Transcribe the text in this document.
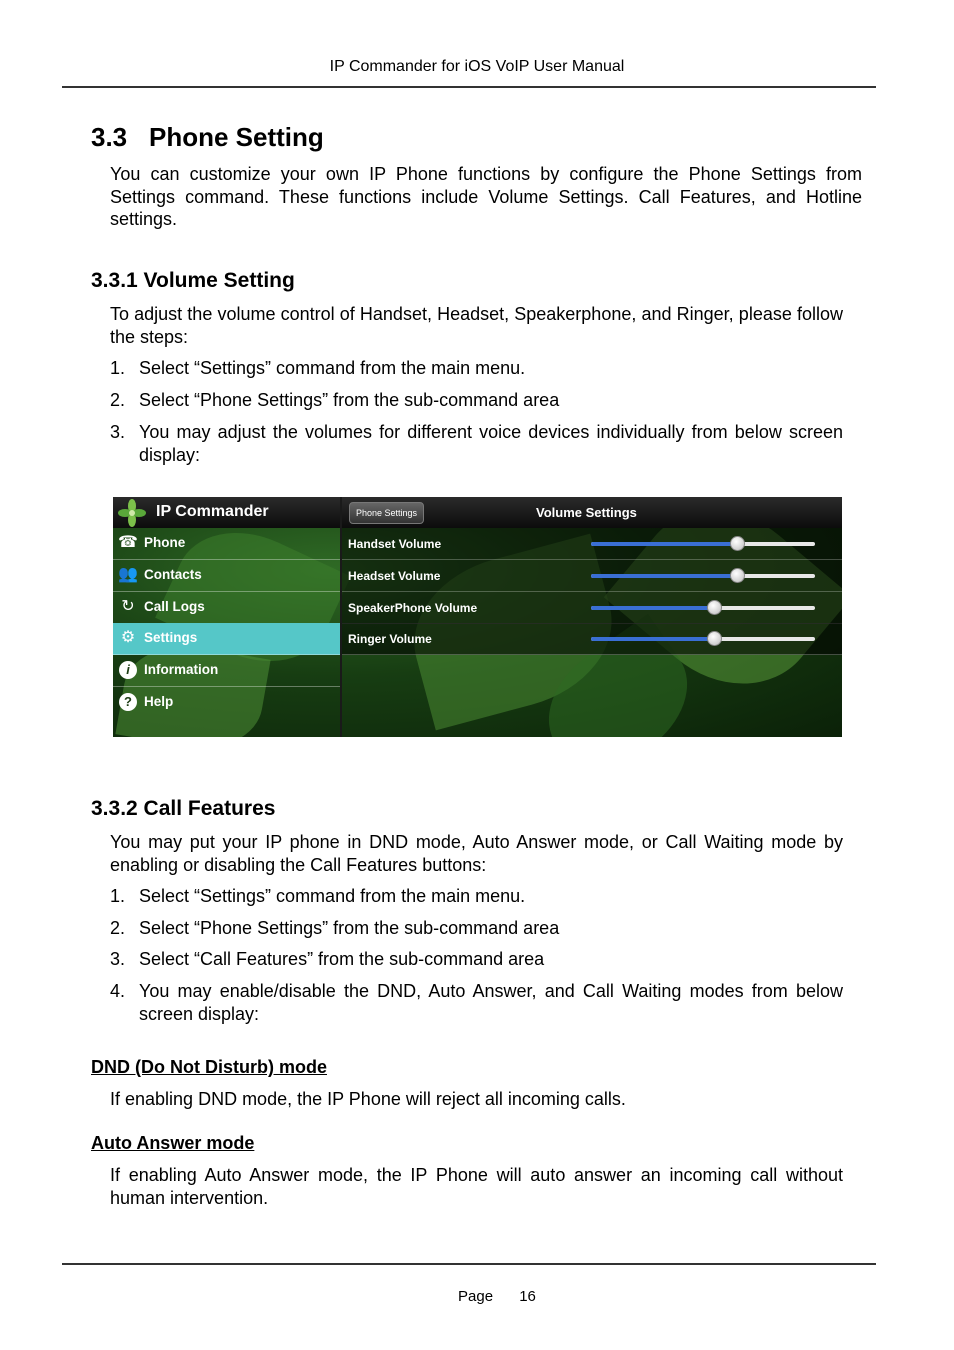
IP Commander for iOS VoIP User Manual
3.3 Phone Setting
You can customize your own IP Phone functions by configure the Phone Settings from Settings command. These functions include Volume Settings. Call Features, and Hotline settings.
3.3.1 Volume Setting
To adjust the volume control of Handset, Headset, Speakerphone, and Ringer, please follow the steps:
1. Select “Settings” command from the main menu.
2. Select “Phone Settings” from the sub-command area
3. You may adjust the volumes for different voice devices individually from below screen display:
IP Commander
☎ Phone
👥 Contacts
↻ Call Logs
⚙ Settings
i	Information
? Help
Phone Settings	Volume Settings
Handset Volume
Headset Volume
SpeakerPhone Volume
Ringer Volume
3.3.2 Call Features
You may put your IP phone in DND mode, Auto Answer mode, or Call Waiting mode by enabling or disabling the Call Features buttons:
1. Select “Settings” command from the main menu.
2. Select “Phone Settings” from the sub-command area
3. Select “Call Features” from the sub-command area
4. You may enable/disable the DND, Auto Answer, and Call Waiting modes from below screen display:
DND (Do Not Disturb) mode
If enabling DND mode, the IP Phone will reject all incoming calls.
Auto Answer mode
If enabling Auto Answer mode, the IP Phone will auto answer an incoming call without human intervention.
Page 16
